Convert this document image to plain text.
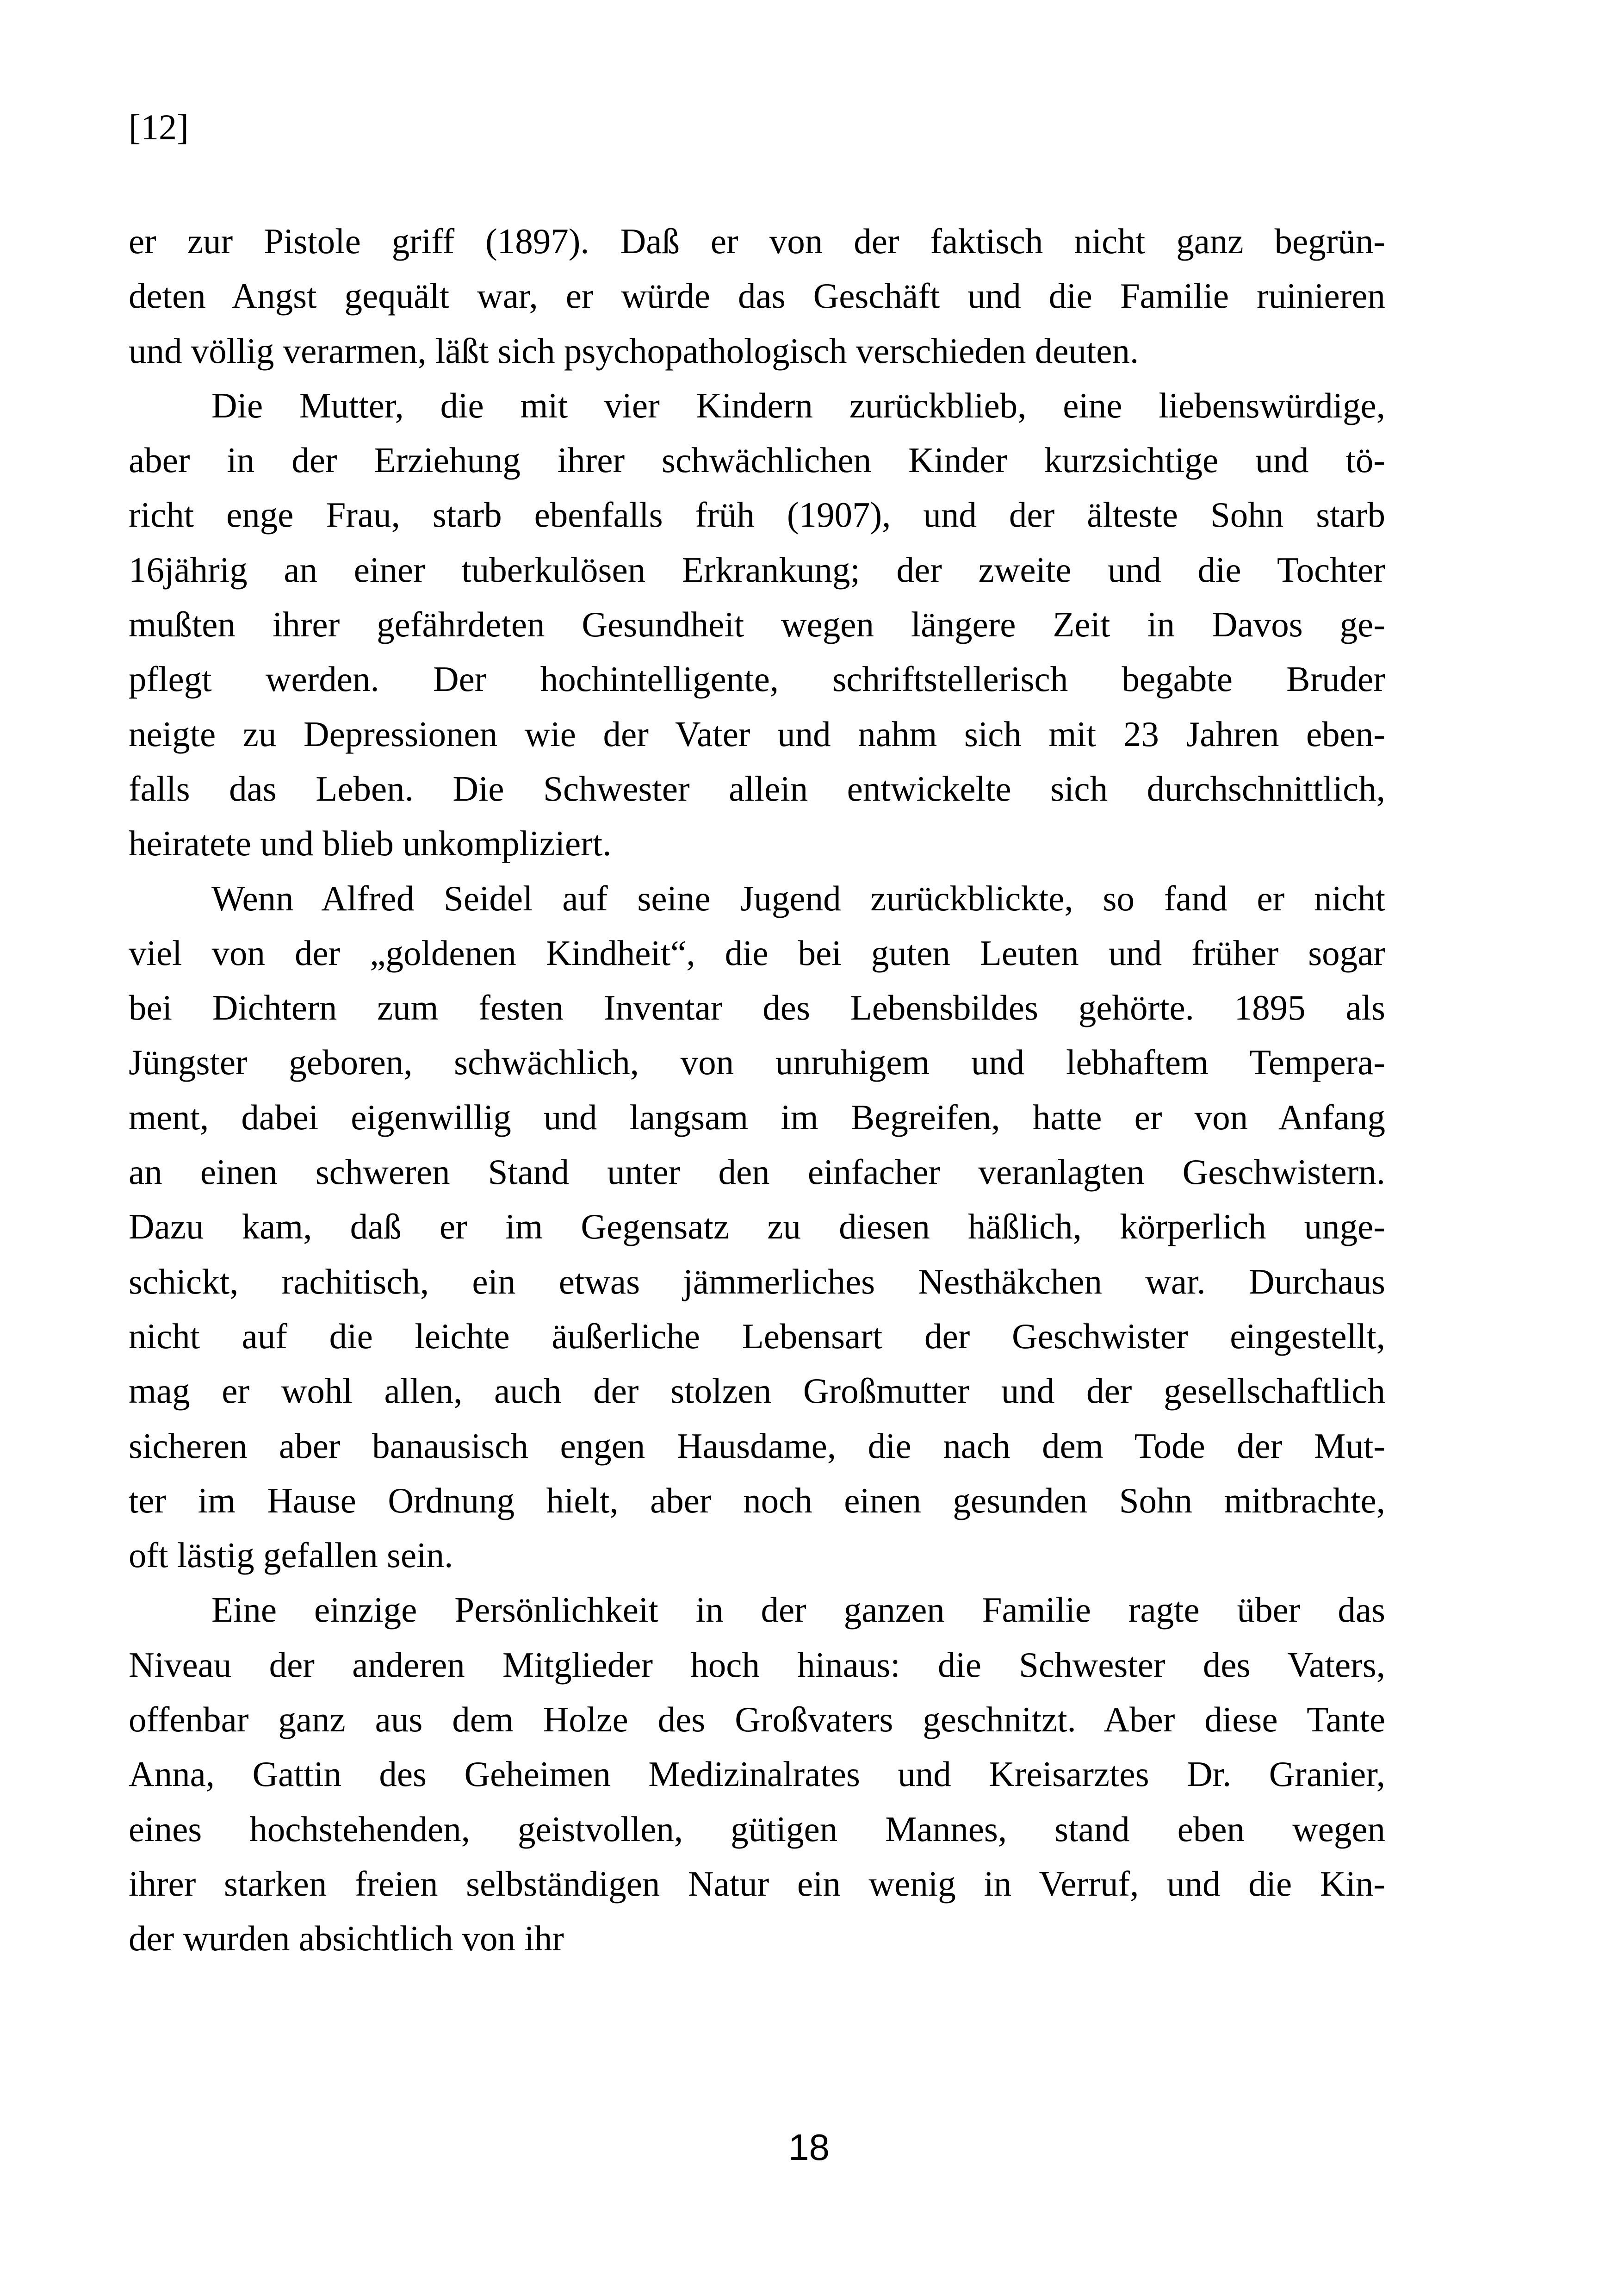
[12]

er zur Pistole griff (1897). Daß er von der faktisch nicht ganz begrün-
deten Angst gequält war, er würde das Geschäft und die Familie ruinieren
und völlig verarmen, läßt sich psychopathologisch verschieden deuten.
Die Mutter, die mit vier Kindern zurückblieb, eine liebenswürdige,
aber in der Erziehung ihrer schwächlichen Kinder kurzsichtige und tö-
richt enge Frau, starb ebenfalls früh (1907), und der älteste Sohn starb
16jährig an einer tuberkulösen Erkrankung; der zweite und die Tochter
mußten ihrer gefährdeten Gesundheit wegen längere Zeit in Davos ge-
pflegt werden. Der hochintelligente, schriftstellerisch begabte Bruder
neigte zu Depressionen wie der Vater und nahm sich mit 23 Jahren eben-
falls das Leben. Die Schwester allein entwickelte sich durchschnittlich,
heiratete und blieb unkompliziert.
Wenn Alfred Seidel auf seine Jugend zurückblickte, so fand er nicht
viel von der „goldenen Kindheit“, die bei guten Leuten und früher sogar
bei Dichtern zum festen Inventar des Lebensbildes gehörte. 1895 als
Jüngster geboren, schwächlich, von unruhigem und lebhaftem Tempera-
ment, dabei eigenwillig und langsam im Begreifen, hatte er von Anfang
an einen schweren Stand unter den einfacher veranlagten Geschwistern.
Dazu kam, daß er im Gegensatz zu diesen häßlich, körperlich unge-
schickt, rachitisch, ein etwas jämmerliches Nesthäkchen war. Durchaus
nicht auf die leichte äußerliche Lebensart der Geschwister eingestellt,
mag er wohl allen, auch der stolzen Großmutter und der gesellschaftlich
sicheren aber banausisch engen Hausdame, die nach dem Tode der Mut-
ter im Hause Ordnung hielt, aber noch einen gesunden Sohn mitbrachte,
oft lästig gefallen sein.
Eine einzige Persönlichkeit in der ganzen Familie ragte über das
Niveau der anderen Mitglieder hoch hinaus: die Schwester des Vaters,
offenbar ganz aus dem Holze des Großvaters geschnitzt. Aber diese Tante
Anna, Gattin des Geheimen Medizinalrates und Kreisarztes Dr. Granier,
eines hochstehenden, geistvollen, gütigen Mannes, stand eben wegen
ihrer starken freien selbständigen Natur ein wenig in Verruf, und die Kin-
der wurden absichtlich von ihr

18
